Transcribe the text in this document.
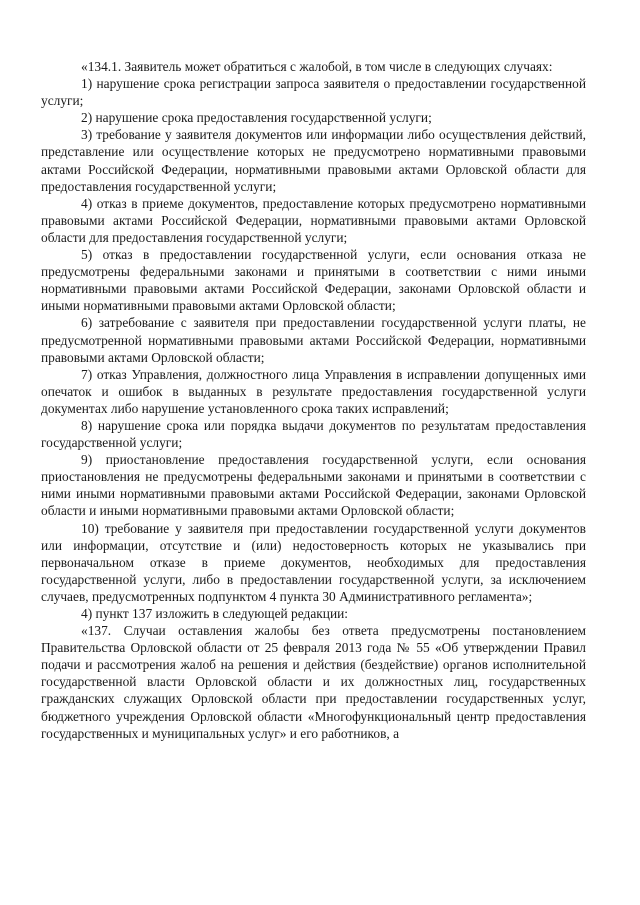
«134.1. Заявитель может обратиться с жалобой, в том числе в следующих случаях:

1) нарушение срока регистрации запроса заявителя о предоставлении государственной услуги;

2) нарушение срока предоставления государственной услуги;

3) требование у заявителя документов или информации либо осуществления действий, представление или осуществление которых не предусмотрено нормативными правовыми актами Российской Федерации, нормативными правовыми актами Орловской области для предоставления государственной услуги;

4) отказ в приеме документов, предоставление которых предусмотрено нормативными правовыми актами Российской Федерации, нормативными правовыми актами Орловской области для предоставления государственной услуги;

5) отказ в предоставлении государственной услуги, если основания отказа не предусмотрены федеральными законами и принятыми в соответствии с ними иными нормативными правовыми актами Российской Федерации, законами Орловской области и иными нормативными правовыми актами Орловской области;

6) затребование с заявителя при предоставлении государственной услуги платы, не предусмотренной нормативными правовыми актами Российской Федерации, нормативными правовыми актами Орловской области;

7) отказ Управления, должностного лица Управления в исправлении допущенных ими опечаток и ошибок в выданных в результате предоставления государственной услуги документах либо нарушение установленного срока таких исправлений;

8) нарушение срока или порядка выдачи документов по результатам предоставления государственной услуги;

9) приостановление предоставления государственной услуги, если основания приостановления не предусмотрены федеральными законами и принятыми в соответствии с ними иными нормативными правовыми актами Российской Федерации, законами Орловской области и иными нормативными правовыми актами Орловской области;

10) требование у заявителя при предоставлении государственной услуги документов или информации, отсутствие и (или) недостоверность которых не указывались при первоначальном отказе в приеме документов, необходимых для предоставления государственной услуги, либо в предоставлении государственной услуги, за исключением случаев, предусмотренных подпунктом 4 пункта 30 Административного регламента»;

4) пункт 137 изложить в следующей редакции:

«137. Случаи оставления жалобы без ответа предусмотрены постановлением Правительства Орловской области от 25 февраля 2013 года № 55 «Об утверждении Правил подачи и рассмотрения жалоб на решения и действия (бездействие) органов исполнительной государственной власти Орловской области и их должностных лиц, государственных гражданских служащих Орловской области при предоставлении государственных услуг, бюджетного учреждения Орловской области «Многофункциональный центр предоставления государственных и муниципальных услуг» и его работников, а
